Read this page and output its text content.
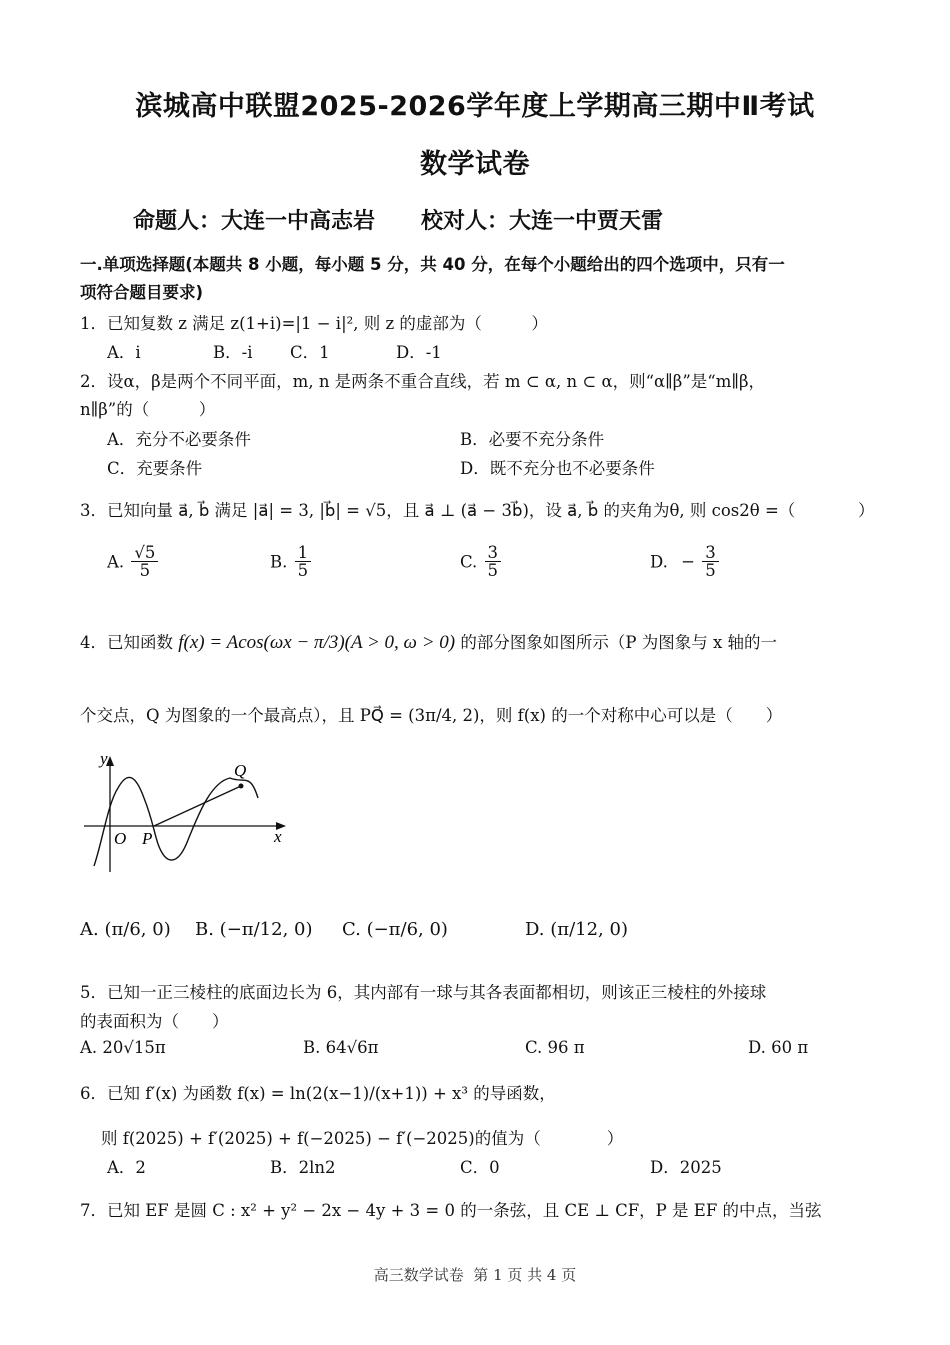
滨城高中联盟2025-2026学年度上学期高三期中Ⅱ考试
数学试卷
命题人：大连一中高志岩      校对人：大连一中贾天雷
一.单项选择题(本题共 8 小题，每小题 5 分，共 40 分，在每个小题给出的四个选项中，只有一
项符合题目要求)
1．已知复数 z 满足 z(1+i)=|1 − i|², 则 z 的虚部为（　　　）
A．i	B．-i C．1	D．-1
2．设α，β是两个不同平面，m, n 是两条不重合直线，若 m ⊂ α, n ⊂ α，则“α∥β”是“m∥β，
n∥β”的（　　　）
A．充分不必要条件	B．必要不充分条件
C．充要条件	D．既不充分也不必要条件
3．已知向量 a⃗, b⃗ 满足 |a⃗| = 3, |b⃗| = √5，且 a⃗ ⊥ (a⃗ − 3b⃗)，设 a⃗, b⃗ 的夹角为θ, 则 cos2θ =（	）
A. $\frac{√5}{5}$	B. $\frac{1}{5}$	C. $\frac{3}{5}$	D. − $\frac{3}{5}$
4．已知函数 f(x) = Acos(ωx − π/3)(A > 0, ω > 0) 的部分图象如图所示（P 为图象与 x 轴的一
个交点，Q 为图象的一个最高点），且 PQ⃗ = (3π/4, 2)，则 f(x) 的一个对称中心可以是（　　）
y
x
O P
Q
A. (π/6, 0) B. (−π/12, 0) C. (−π/6, 0)	D. (π/12, 0)
5．已知一正三棱柱的底面边长为 6，其内部有一球与其各表面都相切，则该正三棱柱的外接球
的表面积为（　　）
A. 20√15π	B. 64√6π	C. 96 π	D. 60 π
6．已知 f′(x) 为函数 f(x) = ln(2(x−1)/(x+1)) + x³ 的导函数，
则 f(2025) + f′(2025) + f(−2025) − f′(−2025)的值为（　　　　）
A．2	B．2ln2	C．0	D．2025
7．已知 EF 是圆 C : x² + y² − 2x − 4y + 3 = 0 的一条弦，且 CE ⊥ CF，P 是 EF 的中点，当弦
高三数学试卷  第 1 页 共 4 页
